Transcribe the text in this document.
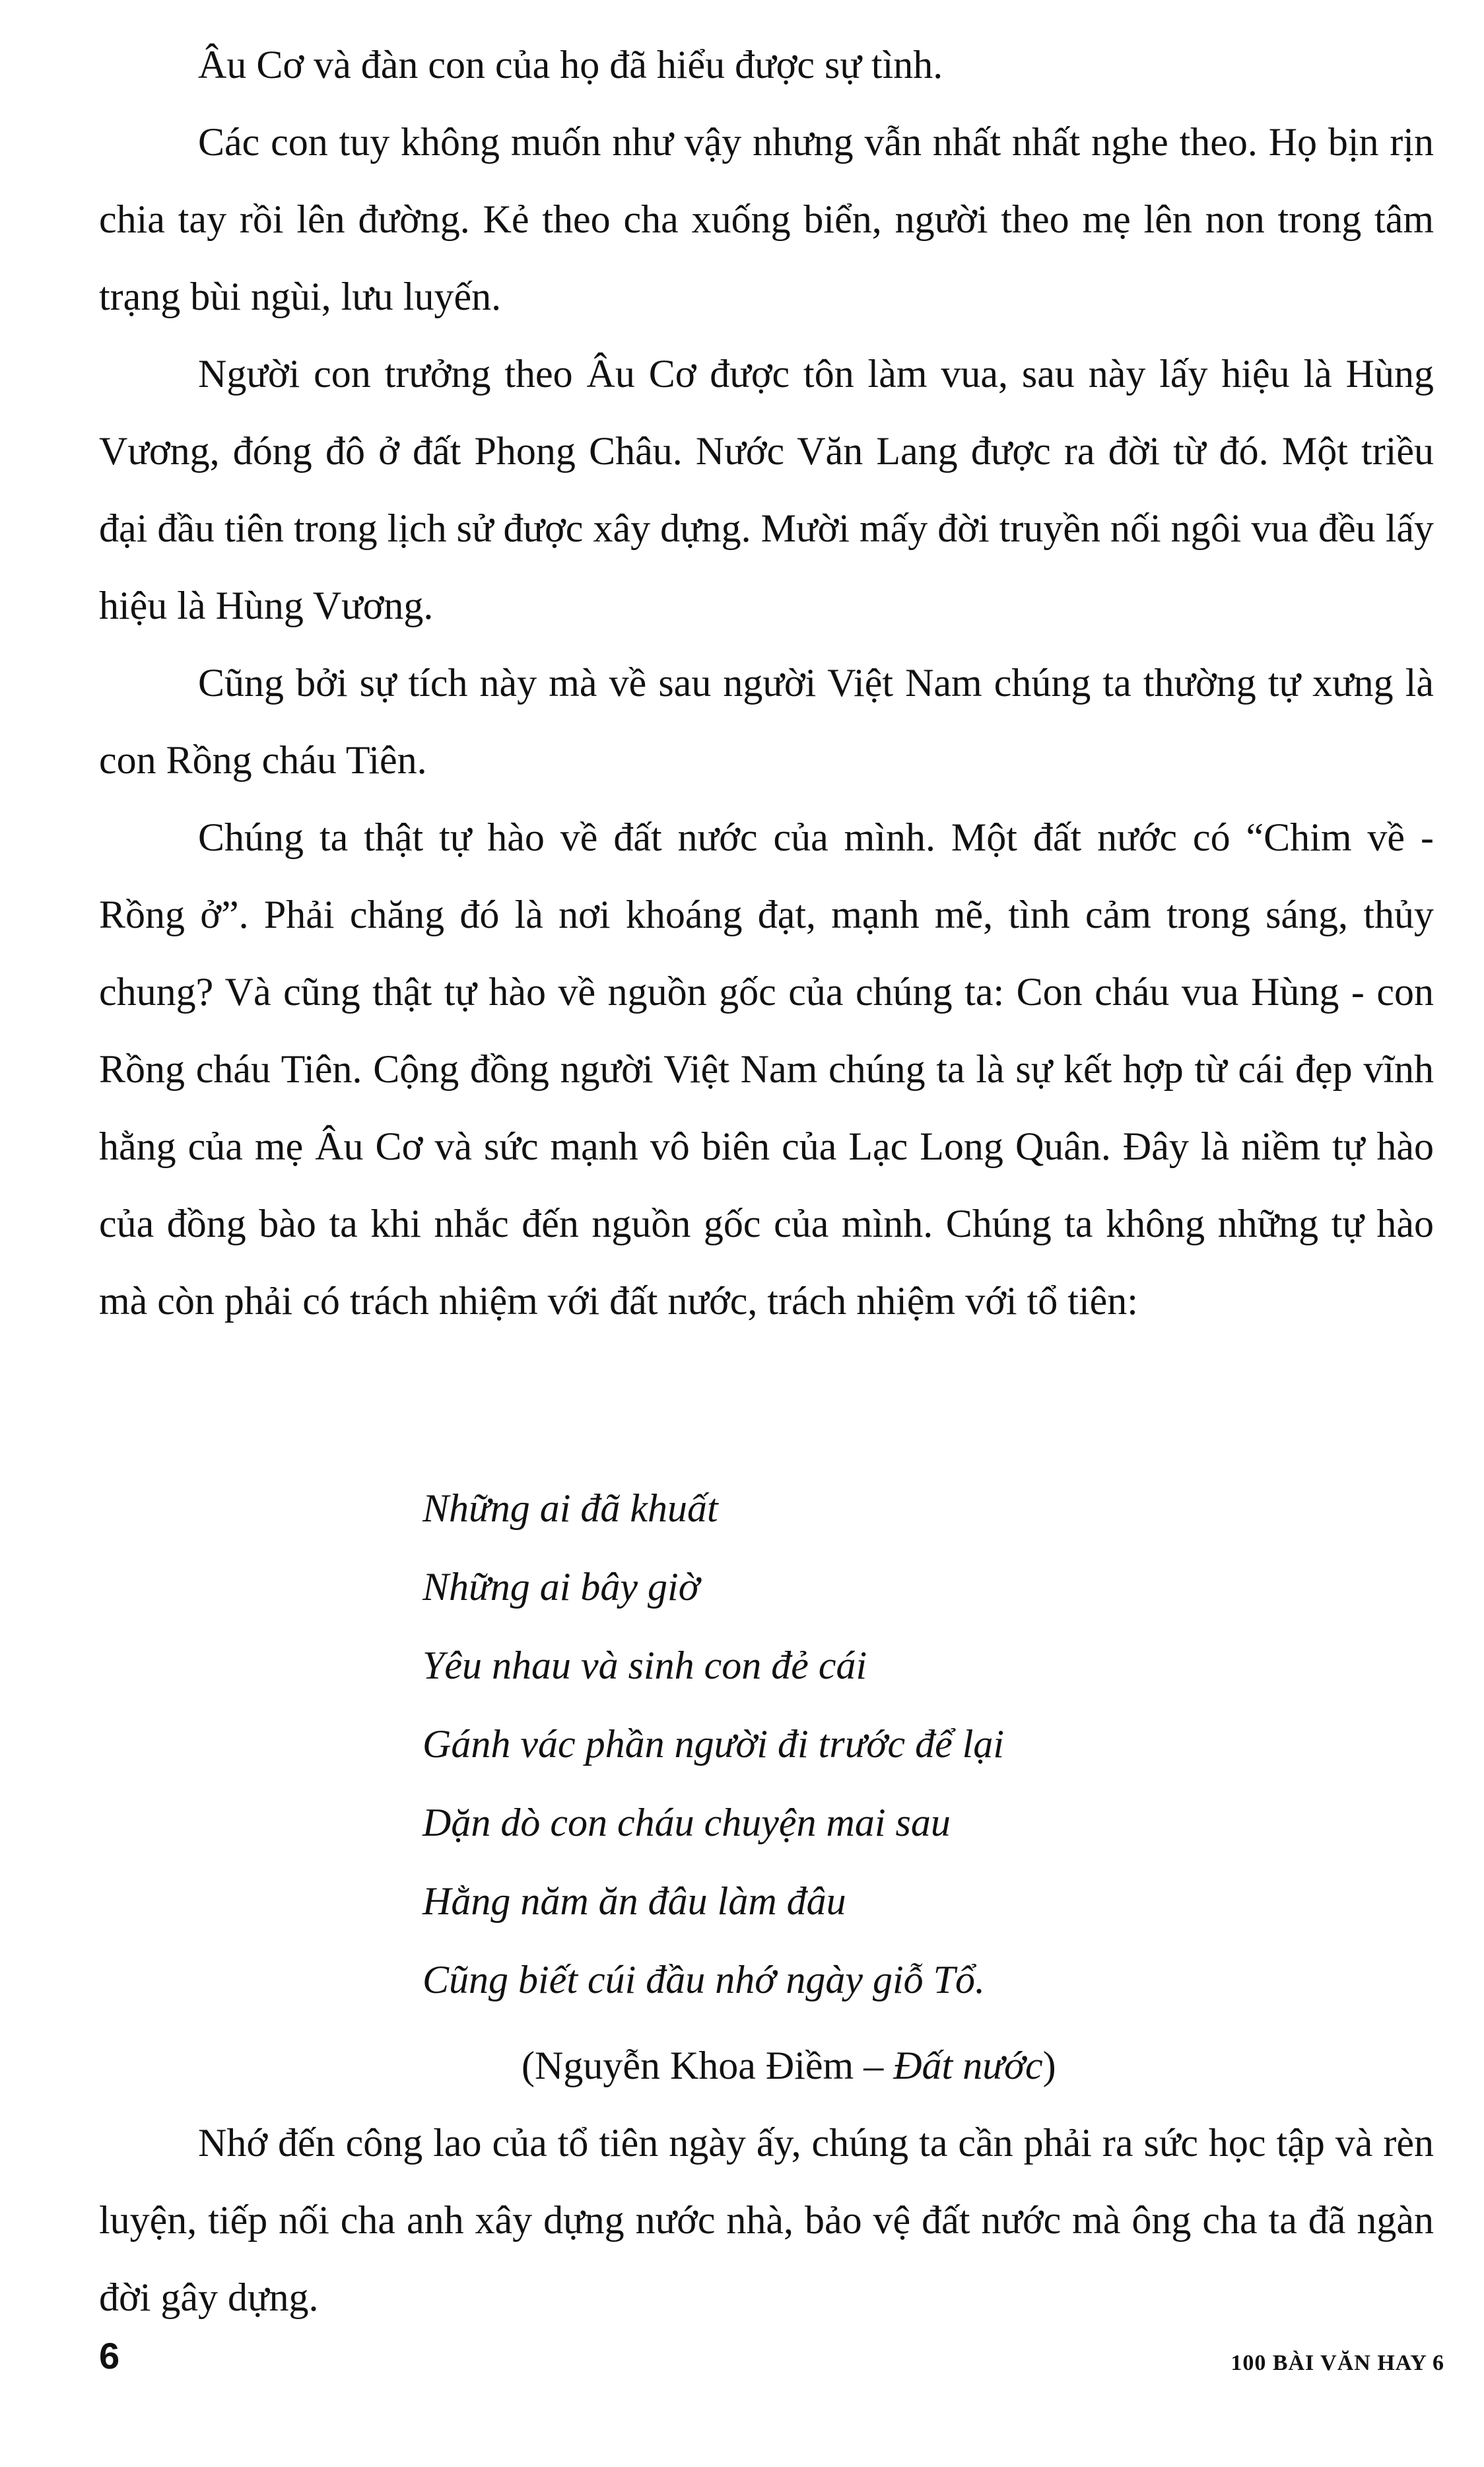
Âu Cơ và đàn con của họ đã hiểu được sự tình.

Các con tuy không muốn như vậy nhưng vẫn nhất nhất nghe theo. Họ bịn rịn chia tay rồi lên đường. Kẻ theo cha xuống biển, người theo mẹ lên non trong tâm trạng bùi ngùi, lưu luyến.

Người con trưởng theo Âu Cơ được tôn làm vua, sau này lấy hiệu là Hùng Vương, đóng đô ở đất Phong Châu. Nước Văn Lang được ra đời từ đó. Một triều đại đầu tiên trong lịch sử được xây dựng. Mười mấy đời truyền nối ngôi vua đều lấy hiệu là Hùng Vương.

Cũng bởi sự tích này mà về sau người Việt Nam chúng ta thường tự xưng là con Rồng cháu Tiên.

Chúng ta thật tự hào về đất nước của mình. Một đất nước có “Chim về - Rồng ở”. Phải chăng đó là nơi khoáng đạt, mạnh mẽ, tình cảm trong sáng, thủy chung? Và cũng thật tự hào về nguồn gốc của chúng ta: Con cháu vua Hùng - con Rồng cháu Tiên. Cộng đồng người Việt Nam chúng ta là sự kết hợp từ cái đẹp vĩnh hằng của mẹ Âu Cơ và sức mạnh vô biên của Lạc Long Quân. Đây là niềm tự hào của đồng bào ta khi nhắc đến nguồn gốc của mình. Chúng ta không những tự hào mà còn phải có trách nhiệm với đất nước, trách nhiệm với tổ tiên:

Những ai đã khuất
Những ai bây giờ
Yêu nhau và sinh con đẻ cái
Gánh vác phần người đi trước để lại
Dặn dò con cháu chuyện mai sau
Hằng năm ăn đâu làm đâu
Cũng biết cúi đầu nhớ ngày giỗ Tổ.
(Nguyễn Khoa Điềm – Đất nước)

Nhớ đến công lao của tổ tiên ngày ấy, chúng ta cần phải ra sức học tập và rèn luyện, tiếp nối cha anh xây dựng nước nhà, bảo vệ đất nước mà ông cha ta đã ngàn đời gây dựng.

6	100 BÀI VĂN HAY 6
